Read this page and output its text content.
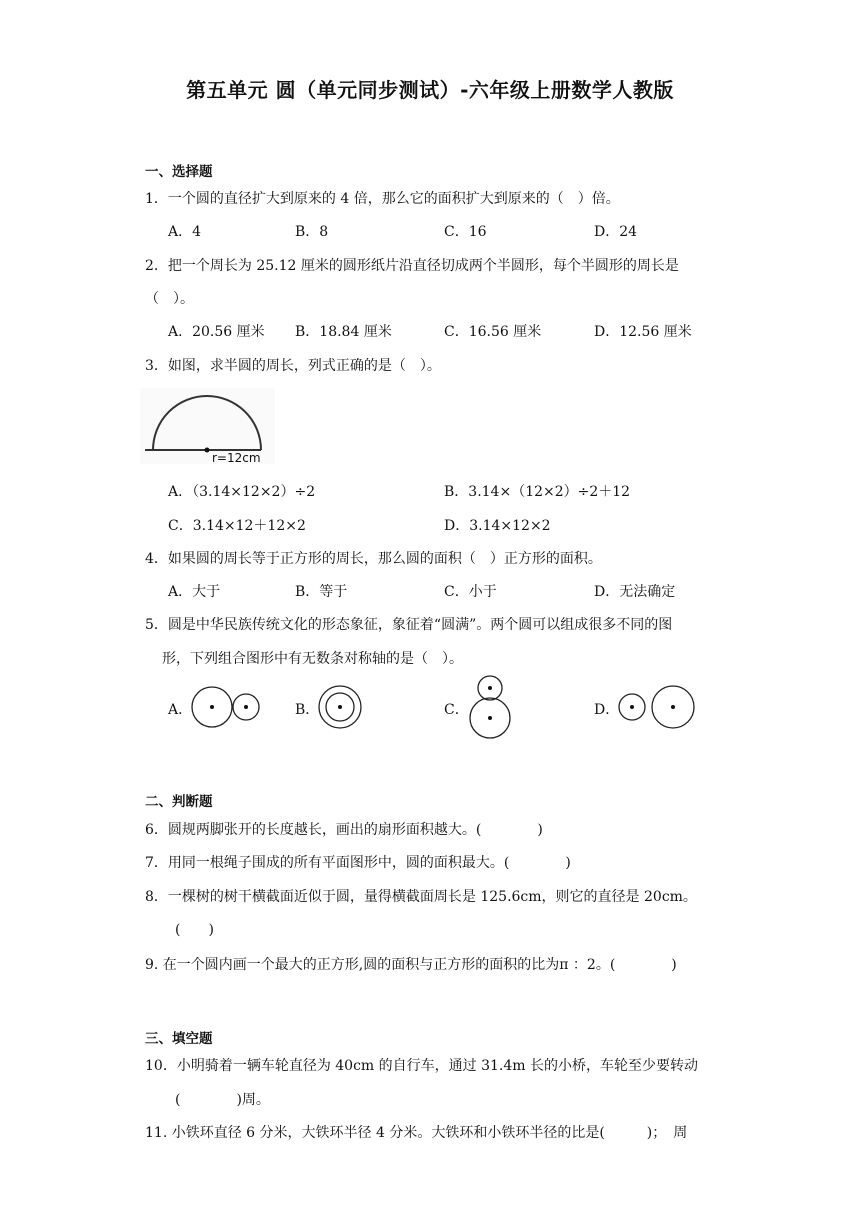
第五单元 圆（单元同步测试）-六年级上册数学人教版
一、选择题
1．一个圆的直径扩大到原来的 4 倍，那么它的面积扩大到原来的（　）倍。
A．4	B．8	C．16	D．24
2．把一个周长为 25.12 厘米的圆形纸片沿直径切成两个半圆形，每个半圆形的周长是
（　）。
A．20.56 厘米 B．18.84 厘米	C．16.56 厘米	D．12.56 厘米
3．如图，求半圆的周长，列式正确的是（　）。
r=12cm
A．（3.14×12×2）÷2	B．3.14×（12×2）÷2＋12
C．3.14×12＋12×2	D．3.14×12×2
4．如果圆的周长等于正方形的周长，那么圆的面积（　）正方形的面积。
A．大于	B．等于	C．小于	D．无法确定
5．圆是中华民族传统文化的形态象征，象征着“圆满”。两个圆可以组成很多不同的图
形，下列组合图形中有无数条对称轴的是（　）。
A．	B．	C．	D．
二、判断题
6．圆规两脚张开的长度越长，画出的扇形面积越大。(　　　　)
7．用同一根绳子围成的所有平面图形中，圆的面积最大。(　　　　)
8．一棵树的树干横截面近似于圆，量得横截面周长是 125.6cm，则它的直径是 20cm。
(　　)
9. 在一个圆内画一个最大的正方形,圆的面积与正方形的面积的比为π ：2。(　　　　)
三、填空题
10．小明骑着一辆车轮直径为 40cm 的自行车，通过 31.4m 长的小桥，车轮至少要转动
(　　　　)周。
11. 小铁环直径 6 分米，大铁环半径 4 分米。大铁环和小铁环半径的比是(　　　)；　周
